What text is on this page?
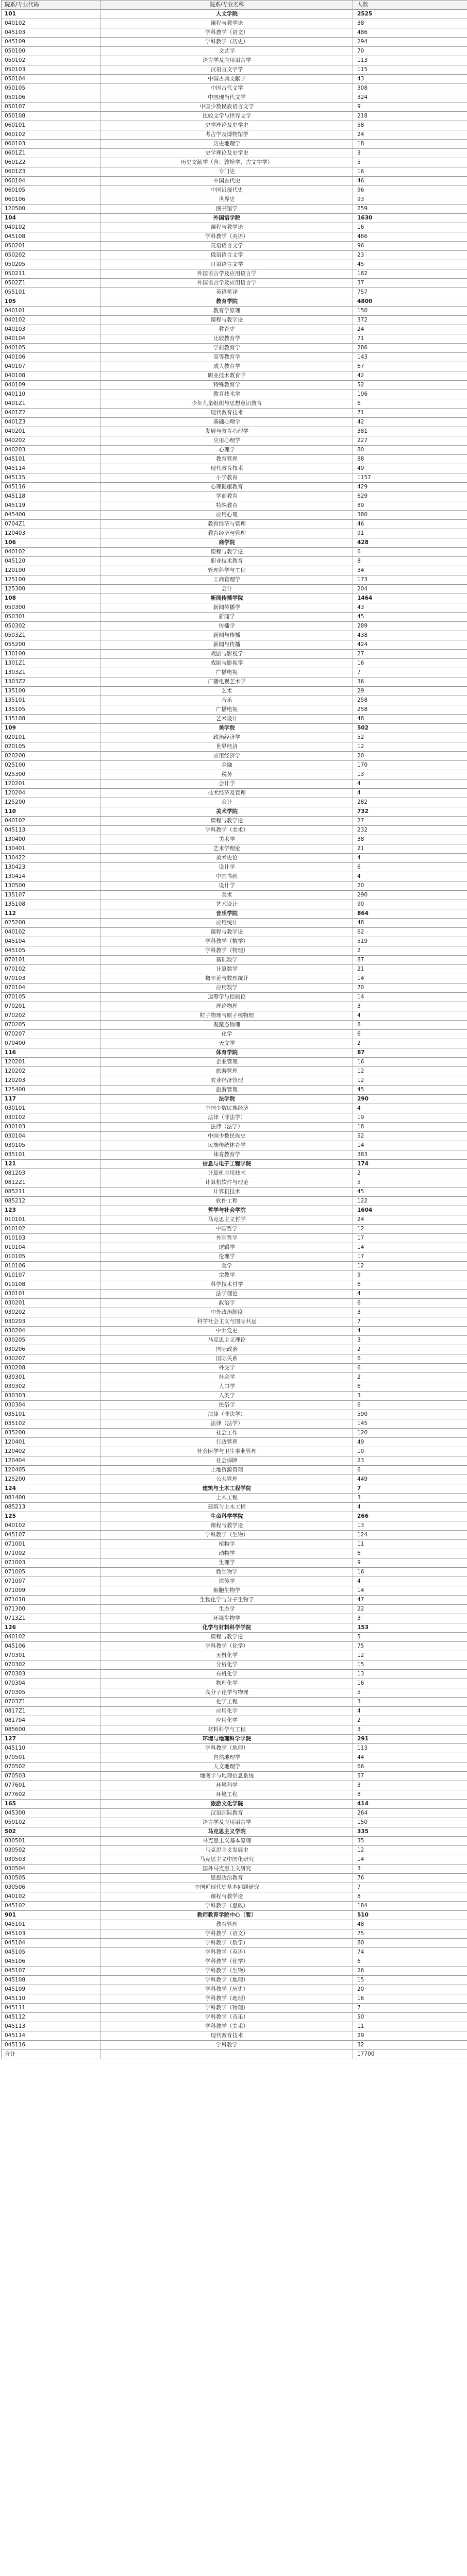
院系/专业代码	院系/专业名称	人数
101	人文学院	2525
040102	课程与教学论	38
045103	学科教学（语文）	486
045109	学科教学（历史）	294
050100	文艺学	70
050102	语言学及应用语言学	113
050103	汉语言文字学	115
050104	中国古典文献学	43
050105	中国古代文学	308
050106	中国现当代文学	324
050107	中国少数民族语言文学	9
050108	比较文学与世界文学	218
060101	史学理论及史学史	58
060102	考古学及博物馆学	24
060103	历史地理学	18
0601Z1	史学理论及史学史	3
0601Z2	历史文献学（含：敦煌学、古文字学）	5
0601Z3	专门史	16
060104	中国古代史	46
060105	中国近现代史	96
060106	世界史	93
120500	图书馆学	259
104	外国语学院	1630
040102	课程与教学论	16
045108	学科教学（英语）	466
050201	英语语言文学	96
050202	俄语语言文学	23
050205	日语语言文学	45
050211	外国语言学及应用语言学	182
0502Z1	外国语言学及应用语言学	37
055101	英语笔译	757
105	教育学院	4800
040101	教育学原理	150
040102	课程与教学论	372
040103	教育史	24
040104	比较教育学	71
040105	学前教育学	286
040106	高等教育学	143
040107	成人教育学	67
040108	职业技术教育学	42
040109	特殊教育学	52
040110	教育技术学	106
0401Z1	少年儿童组织与思想意识教育	6
0401Z2	现代教育技术	71
0401Z3	基础心理学	42
040201	发展与教育心理学	381
040202	应用心理学	227
040203	心理学	80
045101	教育管理	88
045114	现代教育技术	49
045115	小学教育	1157
045116	心理健康教育	429
045118	学前教育	629
045119	特殊教育	89
045400	应用心理	380
0704Z1	教育经济与管理	46
120403	教育经济与管理	91
106	商学院	428
040102	课程与教学论	6
045120	职业技术教育	8
120100	管理科学与工程	34
125100	工商管理学	173
125300	会计	204
108	新闻传播学院	1464
050300	新闻传播学	43
050301	新闻学	45
050302	传播学	289
0503Z1	新闻与传播	438
055200	新闻与传播	424
130100	戏剧与影视学	27
1301Z1	戏剧与影视学	16
1303Z1	广播电视	7
1303Z2	广播电视艺术学	36
135100	艺术	29
135101	音乐	258
135105	广播电视	258
135108	艺术设计	48
109	美学院	502
020101	政治经济学	52
020105	世界经济	12
020200	应用经济学	20
025100	金融	170
025300	税务	13
120201	会计学	4
120204	技术经济及管理	4
125200	会计	282
110	美术学院	732
040102	课程与教学论	27
045113	学科教学（美术）	232
130400	美术学	38
130401	艺术学理论	21
130422	美术史论	4
130423	设计学	6
130424	中国书画	4
130500	设计学	20
135107	美术	290
135108	艺术设计	90
112	音乐学院	864
025200	应用统计	48
040102	课程与教学论	62
045104	学科教学（数学）	519
045105	学科教学（物理）	2
070101	基础数学	87
070102	计算数学	21
070103	概率论与数理统计	14
070104	应用数学	70
070105	运筹学与控制论	14
070201	理论物理	3
070202	粒子物理与原子核物理	4
070205	凝聚态物理	8
070207	化学	6
070400	天文学	2
116	体育学院	87
120201	企业管理	16
120202	旅游管理	12
120203	农业经济管理	12
125400	旅游管理	45
117	法学院	290
030101	中国少数民族经济	4
030102	法律（非法学）	19
030103	法律（法学）	18
030104	中国少数民族史	52
030105	民族传统体育学	14
035101	体育教育学	383
121	信息与电子工程学院	174
081203	计算机应用技术	2
0812Z1	计算机软件与理论	5
085211	计算机技术	45
085212	软件工程	122
123	哲学与社会学院	1604
010101	马克思主义哲学	24
010102	中国哲学	12
010103	外国哲学	17
010104	逻辑学	14
010105	伦理学	17
010106	美学	12
010107	宗教学	9
010108	科学技术哲学	6
030101	法学理论	4
030201	政治学	6
030202	中外政治制度	3
030203	科学社会主义与国际共运	7
030204	中共党史	4
030205	马克思主义理论	3
030206	国际政治	2
030207	国际关系	6
030208	外交学	6
030301	社会学	2
030302	人口学	6
030303	人类学	3
030304	民俗学	6
035101	法律（非法学）	590
035102	法律（法学）	145
035200	社会工作	120
120401	行政管理	49
120402	社会医学与卫生事业管理	10
120404	社会保障	23
120405	土地资源管理	6
125200	公共管理	449
124	建筑与土木工程学院	7
081400	土木工程	3
085213	建筑与土木工程	4
125	生命科学学院	266
040102	课程与教学论	13
045107	学科教学（生物）	124
071001	植物学	11
071002	动物学	6
071003	生理学	9
071005	微生物学	16
071007	遗传学	4
071009	细胞生物学	14
071010	生物化学与分子生物学	47
071300	生态学	22
0713Z1	环境生物学	3
126	化学与材料科学学院	153
040102	课程与教学论	5
045106	学科教学（化学）	75
070301	无机化学	12
070302	分析化学	15
070303	有机化学	13
070304	物理化学	16
070305	高分子化学与物理	5
0703Z1	化学工程	3
0817Z1	应用化学	4
081704	应用化学	2
085600	材料科学与工程	3
127	环境与地理科学学院	291
045110	学科教学（地理）	113
070501	自然地理学	44
070502	人文地理学	66
070503	地图学与地理信息系统	57
077601	环境科学	3
077602	环境工程	8
165	旅游文化学院	414
045300	汉语国际教育	264
050102	语言学及应用语言学	150
502	马克思主义学院	335
030501	马克思主义基本原理	35
030502	马克思主义发展史	12
030503	马克思主义中国化研究	14
030504	国外马克思主义研究	3
030505	思想政治教育	76
030506	中国近现代史基本问题研究	7
040102	课程与教学论	8
045102	学科教学（思政）	184
901	教师教育学院中心（暂）	510
045101	教育管理	48
045103	学科教学（语文）	75
045104	学科教学（数学）	80
045105	学科教学（英语）	74
045106	学科教学（化学）	6
045107	学科教学（生物）	26
045108	学科教学（地理）	15
045109	学科教学（历史）	20
045110	学科教学（地理）	16
045111	学科教学（物理）	7
045112	学科教学（音乐）	50
045113	学科教学（美术）	11
045114	现代教育技术	29
045116	学科教学	32
合计		17700
